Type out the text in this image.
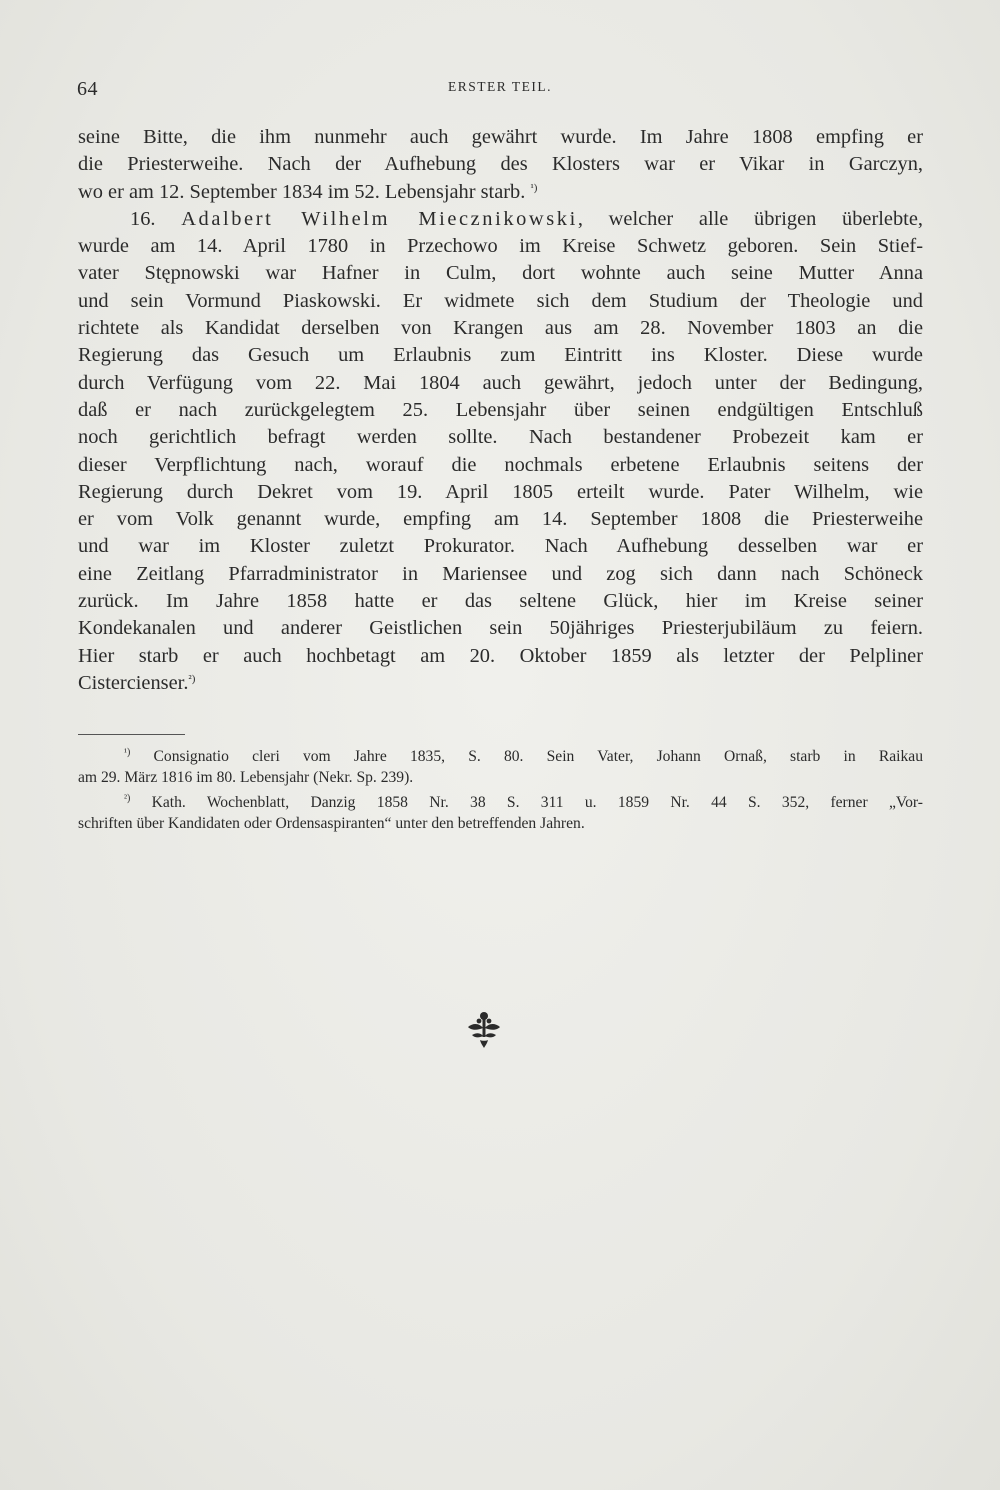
64	ERSTER TEIL.
seine Bitte, die ihm nunmehr auch gewährt wurde. Im Jahre 1808 empfing er
die Priesterweihe. Nach der Aufhebung des Klosters war er Vikar in Garczyn,
wo er am 12. September 1834 im 52. Lebensjahr starb. $^{^1)}$
16. Adalbert Wilhelm Miecznikowski, welcher alle übrigen überlebte,
wurde am 14. April 1780 in Przechowo im Kreise Schwetz geboren. Sein Stief-
vater Stępnowski war Hafner in Culm, dort wohnte auch seine Mutter Anna
und sein Vormund Piaskowski. Er widmete sich dem Studium der Theologie und
richtete als Kandidat derselben von Krangen aus am 28. November 1803 an die
Regierung das Gesuch um Erlaubnis zum Eintritt ins Kloster. Diese wurde
durch Verfügung vom 22. Mai 1804 auch gewährt, jedoch unter der Bedingung,
daß er nach zurückgelegtem 25. Lebensjahr über seinen endgültigen Entschluß
noch gerichtlich befragt werden sollte. Nach bestandener Probezeit kam er
dieser Verpflichtung nach, worauf die nochmals erbetene Erlaubnis seitens der
Regierung durch Dekret vom 19. April 1805 erteilt wurde. Pater Wilhelm, wie
er vom Volk genannt wurde, empfing am 14. September 1808 die Priesterweihe
und war im Kloster zuletzt Prokurator. Nach Aufhebung desselben war er
eine Zeitlang Pfarradministrator in Mariensee und zog sich dann nach Schöneck
zurück. Im Jahre 1858 hatte er das seltene Glück, hier im Kreise seiner
Kondekanalen und anderer Geistlichen sein 50jähriges Priesterjubiläum zu feiern.
Hier starb er auch hochbetagt am 20. Oktober 1859 als letzter der Pelpliner
Cistercienser.$^{^2)}$
$^{^1)}$ Consignatio cleri vom Jahre 1835, S. 80. Sein Vater, Johann Ornaß, starb in Raikau
am 29. März 1816 im 80. Lebensjahr (Nekr. Sp. 239).
$^{^2)}$ Kath. Wochenblatt, Danzig 1858 Nr. 38 S. 311 u. 1859 Nr. 44 S. 352, ferner „Vor-
schriften über Kandidaten oder Ordensaspiranten“ unter den betreffenden Jahren.
